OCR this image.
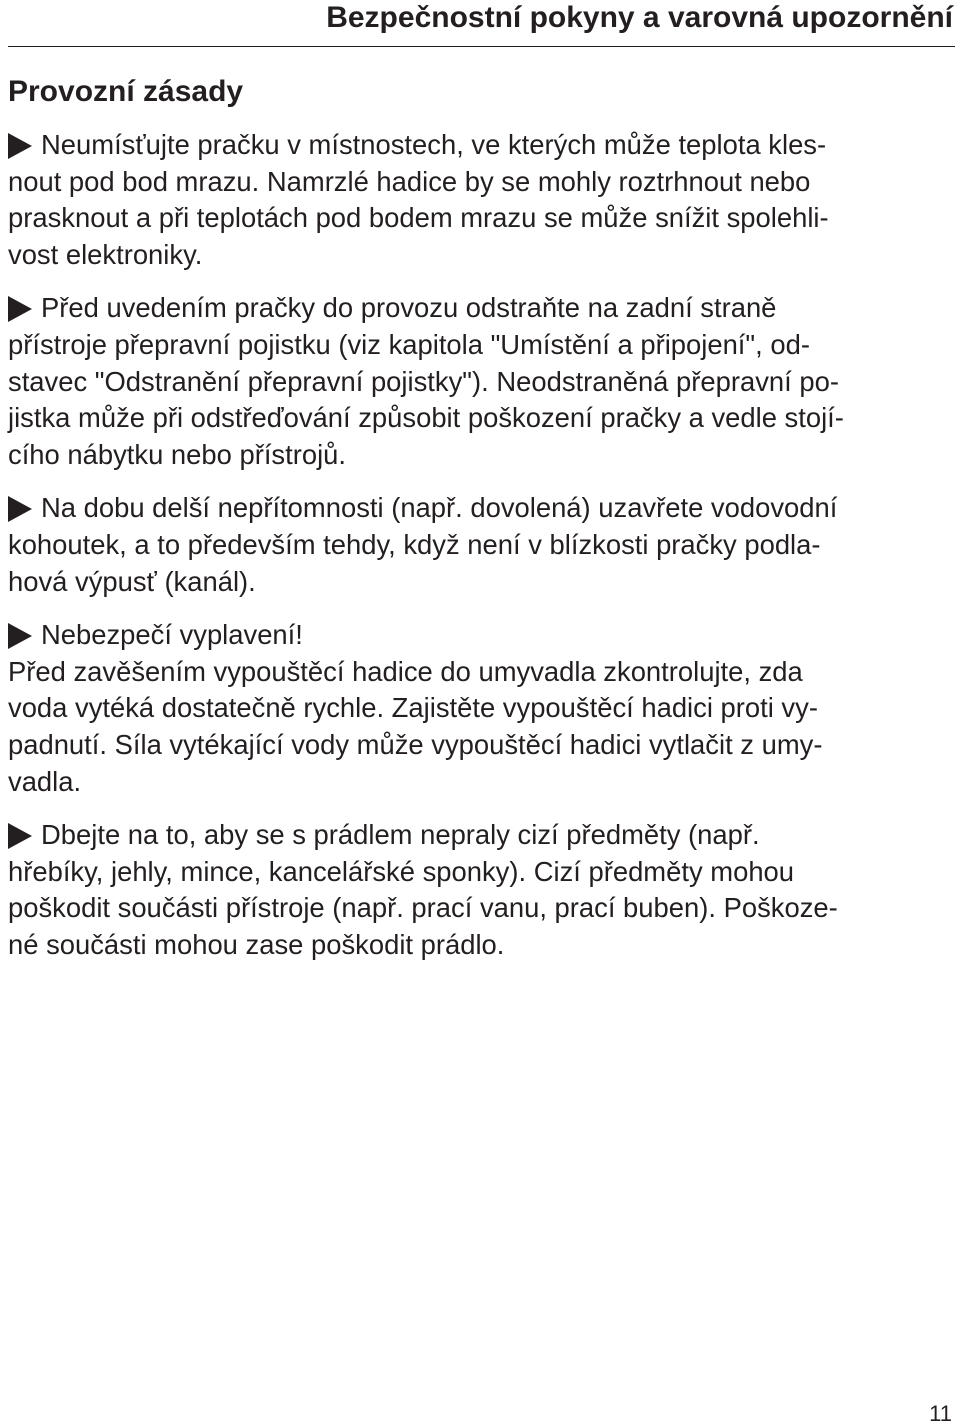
Bezpečnostní pokyny a varovná upozornění
Provozní zásady
Neumísťujte pračku v místnostech, ve kterých může teplota kles-
nout pod bod mrazu. Namrzlé hadice by se mohly roztrhnout nebo
prasknout a při teplotách pod bodem mrazu se může snížit spolehli-
vost elektroniky.
Před uvedením pračky do provozu odstraňte na zadní straně
přístroje přepravní pojistku (viz kapitola "Umístění a připojení", od-
stavec "Odstranění přepravní pojistky"). Neodstraněná přepravní po-
jistka může při odstřeďování způsobit poškození pračky a vedle stojí-
cího nábytku nebo přístrojů.
Na dobu delší nepřítomnosti (např. dovolená) uzavřete vodovodní
kohoutek, a to především tehdy, když není v blízkosti pračky podla-
hová výpusť (kanál).
Nebezpečí vyplavení!
Před zavěšením vypouštěcí hadice do umyvadla zkontrolujte, zda
voda vytéká dostatečně rychle. Zajistěte vypouštěcí hadici proti vy-
padnutí. Síla vytékající vody může vypouštěcí hadici vytlačit z umy-
vadla.
Dbejte na to, aby se s prádlem nepraly cizí předměty (např.
hřebíky, jehly, mince, kancelářské sponky). Cizí předměty mohou
poškodit součásti přístroje (např. prací vanu, prací buben). Poškoze-
né součásti mohou zase poškodit prádlo.
11
